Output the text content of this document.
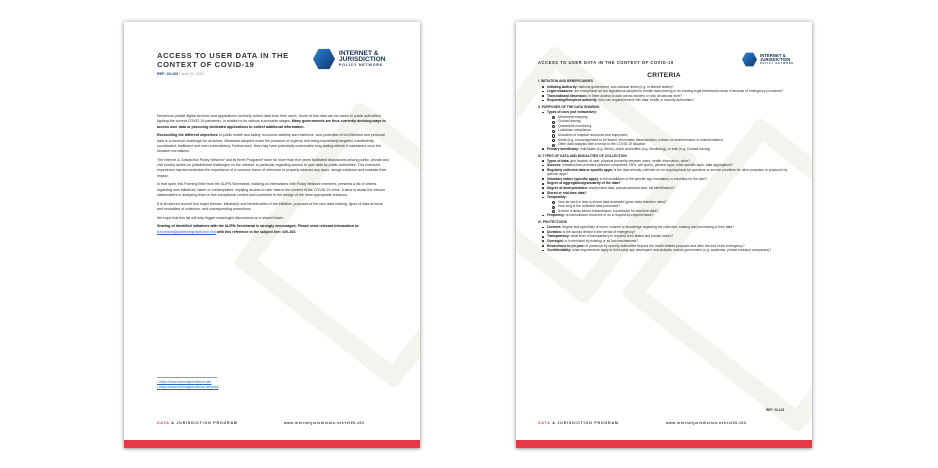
ACCESS TO USER DATA IN THE
CONTEXT OF COVID-19
INTERNET &
JURISDICTION
POLICY NETWORK
REF: 20-103 | April 15, 2020

Numerous private digital services and applications routinely collect data from their users. Some of this data can be useful to public authorities fighting the current COVID-19 pandemic, in relation to its various successive stages. Many governments are thus currently devising ways to access user data or procuring dedicated applications to collect additional information.

Reconciling the different objectives of public health and safety, economic stability and resilience, and protection of civil liberties and personal data is a common challenge for all actors. Measures adopted under the pressure of urgency risk being imprecisely targeted, insufficiently coordinated, inefficient and even contradictory. Furthermore, they may have potentially undesirable long-lasting effects if maintained once the situation normalizes.

The Internet & Jurisdiction Policy Network¹ and its three Programs² have for more than five years facilitated discussions among public, private and civil society actors on jurisdictional challenges on the internet, in particular regarding access to user data by public authorities. This extensive experience has demonstrated the importance of a common frame of reference to properly address any issue, design solutions and evaluate their impact.

In that spirit, this Framing Brief from the I&JPN Secretariat, building on interactions with Policy Network members, presents a list of criteria regarding new initiatives, taken or contemplated, implying access to user data in the context of the COVID-19 crisis. It aims to assist the various stakeholders in analyzing them in this exceptional context and contribute to the design of the most appropriate solutions.

It is structured around four major themes: initiator(s) and beneficiaries of the initiative, purposes of the new data sharing, types of data at issue and modalities of collection, and corresponding protections.

We hope that this list will help trigger meaningful discussions on a shared basis.

Sharing of identified initiatives with the I&JPN Secretariat is strongly encouraged. Please send relevant information to: [secretariat[at]internetjurisdiction.net] with this reference in the subject line: #20-103.

¹ https://www.internetjurisdiction.net/
² https://www.internetjurisdiction.net/work
DATA & JURISDICTION PROGRAM	www.internetjurisdiction.net/ref20-103
ACCESS TO USER DATA IN THE CONTEXT OF COVID-19
INTERNET &
JURISDICTION
POLICY NETWORK
CRITERIA
I. INITIATION AND BENEFICIARIES
Initiating Authority: national government, sub-national levels (e.g. in federal states)?
Legal measures: are exceptional ad hoc legislations adopted to enable data sharing or do existing legal frameworks allow it because of emergency provisions?
Transnational dimension: is there access to data across borders or only at national level?
Requesting/Recipient authority: who can request/receive this data: health or security authorities?
II. PURPOSES OF THE DATA SHARING
Types of uses (not exhaustive):
Movement mapping,
Contact tracing,
Quarantine monitoring,
Lockdown compliance,
Allocation of hospital resources and equipment,
Alerts (e.g. encouragement to be tested, information dissemination, notices on disinformation or misinformation)
Other data analysis with a nexus to the COVID-19 situation
Primary beneficiary: individuals (e.g. Alerts), public authorities (e.g. Monitoring), or both (e.g. Contact tracing)
III. TYPES OF DATA AND MODALITIES OF COLLECTION
Types of data: geo location of user, physical proximity between users, health information, other?
Sources: infrastructure providers (telecom companies, ISPs, wifi spots), general apps, crisis specific apps, data aggregators?
Regularly collected data or specific apps: is the data already collected on an ongoing basis by operators or service providers for other purposes or produced by specific apps?
Voluntary nature (specific apps): is the installation of the specific app mandatory or voluntary for the user?
Degree of aggregation/granularity of the data?
Degree of anonymization: anonymized data, pseudonymized data, full identification?
Stored or real-time data?
Temporality:
How far back in time is stored data accessed (given data retention rules)?
How long is the collected data preserved?
Is there a delay before transmission, in particular for real-time data?
Frequency: is transmission recurrent or on a request-by-request basis?
IV. PROTECTIONS
Consent: degree and specificity of users' consent or knowledge regarding the collection, sharing and processing of their data?
Duration: is the access limited to the period of emergency?
Transparency: what level of transparency is required from states and private actors?
Oversight: is it exercised by existing or ad hoc mechanisms?
Restrictions to (re-)use: in particular by security authorities beyond the health-related purposes and after the end of the emergency?
Confidentiality: what requirements apply to third-party app developers and analysts outside government (e.g. academia, private research companies)?
REF: 20-103
DATA & JURISDICTION PROGRAM	www.internetjurisdiction.net/ref20-103
